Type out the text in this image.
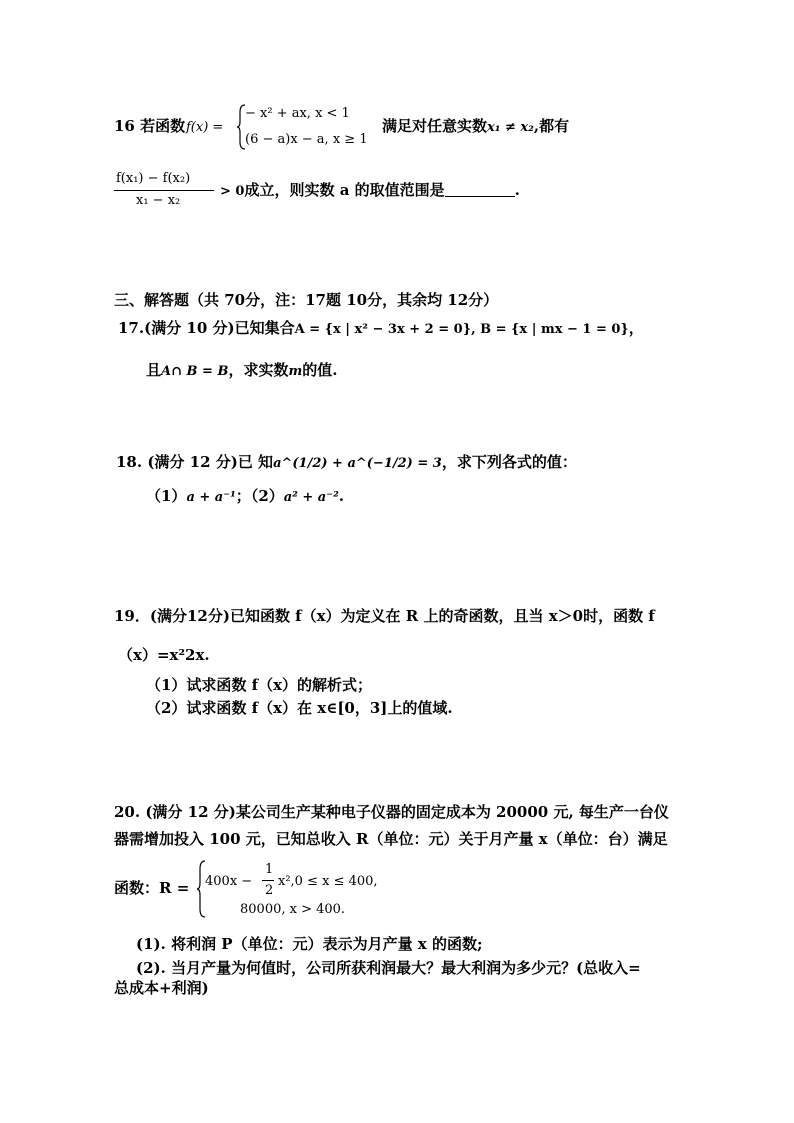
16 若函数 f(x) =
− x² + ax, x < 1
(6 − a)x − a, x ≥ 1
满足对任意实数x₁ ≠ x₂,都有
f(x₁) − f(x₂)
x₁ − x₂
> 0成立，则实数 a 的取值范围是	.
三、解答题（共 70分，注：17题 10分，其余均 12分）
17.(满分 10 分)已知集合A = {x | x² − 3x + 2 = 0}, B = {x | mx − 1 = 0}，
且A∩ B = B，求实数m的值.
18. (满分 12 分)已 知a^(1/2) + a^(−1/2) = 3，求下列各式的值：
（1）a + a⁻¹；（2）a² + a⁻².
19．(满分12分)已知函数 f（x）为定义在 R 上的奇函数，且当 x＞0时，函数 f
（x）=x²2x.
（1）试求函数 f（x）的解析式；
（2）试求函数 f（x）在 x∈[0，3]上的值域.
20. (满分 12 分)某公司生产某种电子仪器的固定成本为 20000 元, 每生产一台仪
器需增加投入 100 元，已知总收入 R（单位：元）关于月产量 x（单位：台）满足
函数：R = 400x −
1
2
x²,0 ≤ x ≤ 400,
80000, x > 400.
(1). 将利润 P（单位：元）表示为月产量 x 的函数;
(2). 当月产量为何值时，公司所获利润最大？最大利润为多少元？(总收入=
总成本+利润)
